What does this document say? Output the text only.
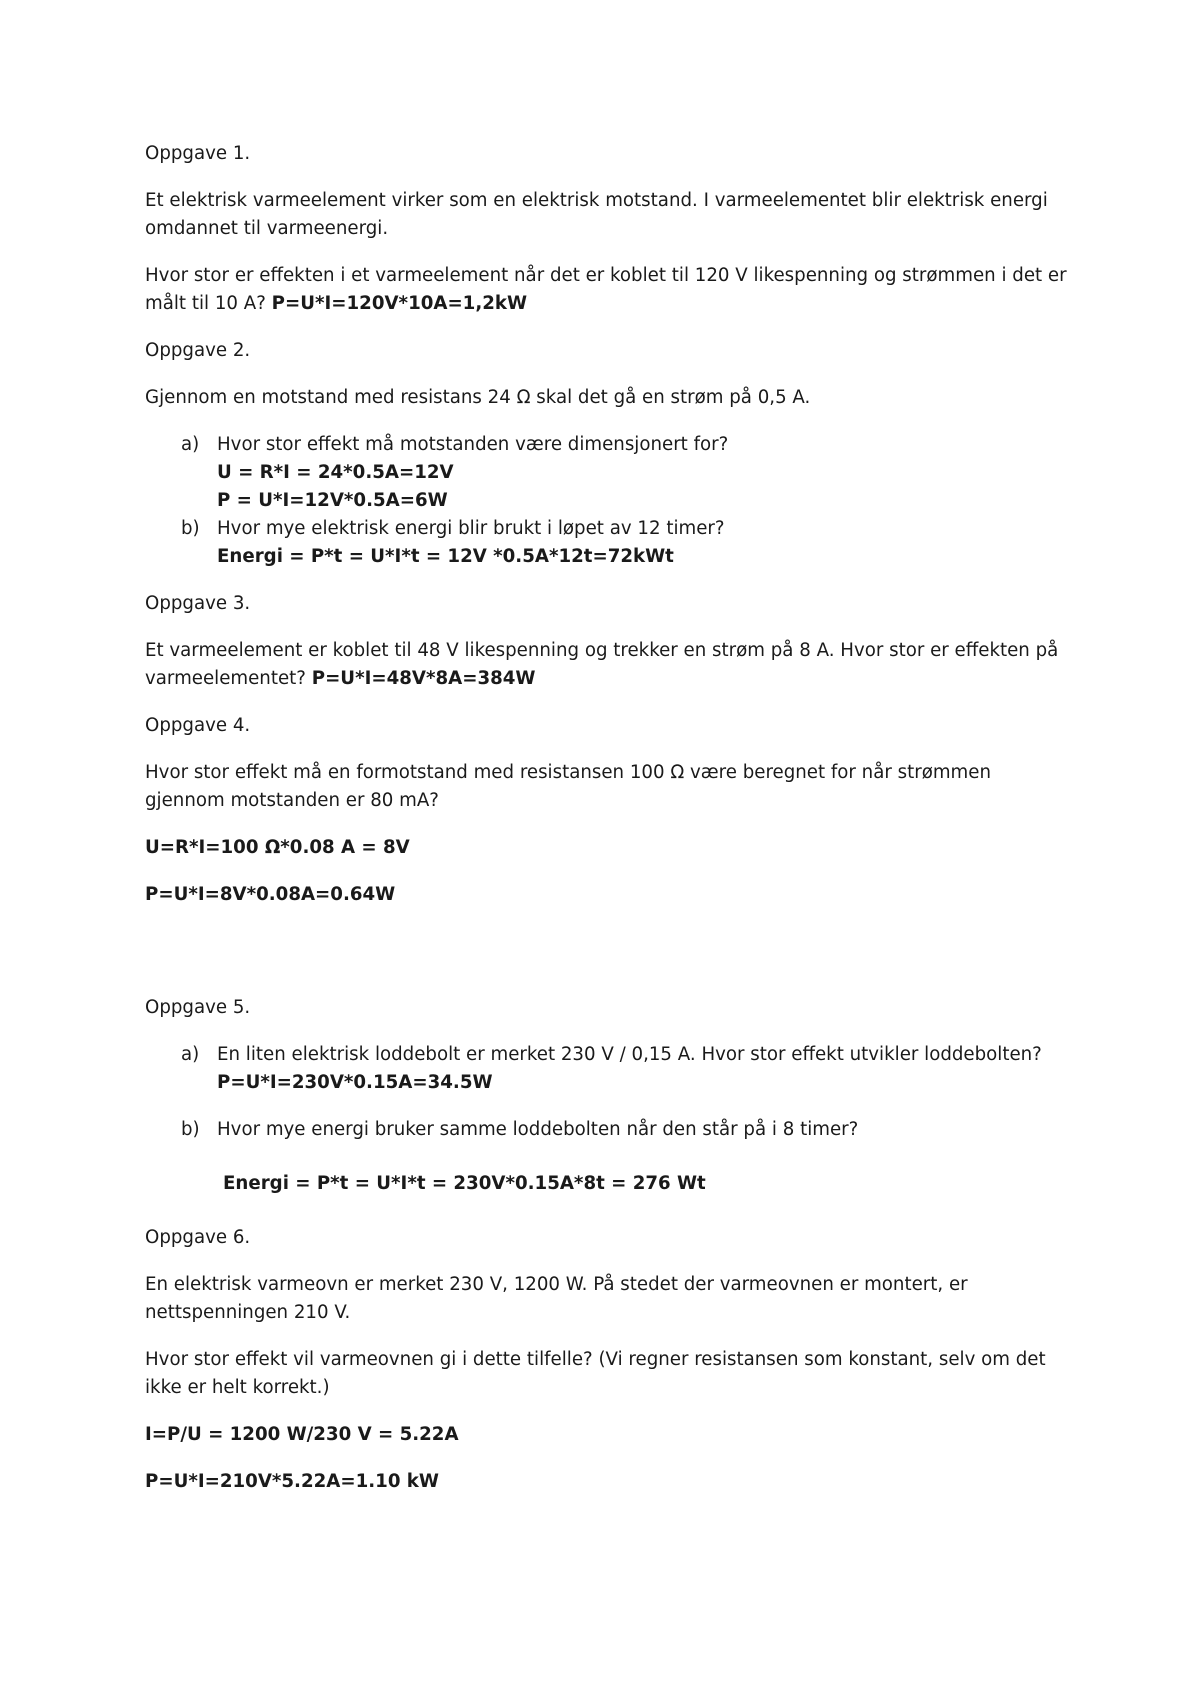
Oppgave 1.

Et elektrisk varmeelement virker som en elektrisk motstand. I varmeelementet blir elektrisk energi omdannet til varmeenergi.

Hvor stor er effekten i et varmeelement når det er koblet til 120 V likespenning og strømmen i det er målt til 10 A? P=U*I=120V*10A=1,2kW

Oppgave 2.

Gjennom en motstand med resistans 24 Ω skal det gå en strøm på 0,5 A.

a) Hvor stor effekt må motstanden være dimensjonert for?

U = R*I = 24*0.5A=12V

P = U*I=12V*0.5A=6W

b) Hvor mye elektrisk energi blir brukt i løpet av 12 timer?

Energi = P*t = U*I*t = 12V *0.5A*12t=72kWt

Oppgave 3.

Et varmeelement er koblet til 48 V likespenning og trekker en strøm på 8 A. Hvor stor er effekten på varmeelementet? P=U*I=48V*8A=384W

Oppgave 4.

Hvor stor effekt må en formotstand med resistansen 100 Ω være beregnet for når strømmen gjennom motstanden er 80 mA?

U=R*I=100 Ω*0.08 A = 8V

P=U*I=8V*0.08A=0.64W

Oppgave 5.

a) En liten elektrisk loddebolt er merket 230 V / 0,15 A. Hvor stor effekt utvikler loddebolten?

P=U*I=230V*0.15A=34.5W

b) Hvor mye energi bruker samme loddebolten når den står på i 8 timer?

Energi = P*t = U*I*t = 230V*0.15A*8t = 276 Wt

Oppgave 6.

En elektrisk varmeovn er merket 230 V, 1200 W. På stedet der varmeovnen er montert, er nettspenningen 210 V.

Hvor stor effekt vil varmeovnen gi i dette tilfelle? (Vi regner resistansen som konstant, selv om det ikke er helt korrekt.)

I=P/U = 1200 W/230 V = 5.22A

P=U*I=210V*5.22A=1.10 kW
